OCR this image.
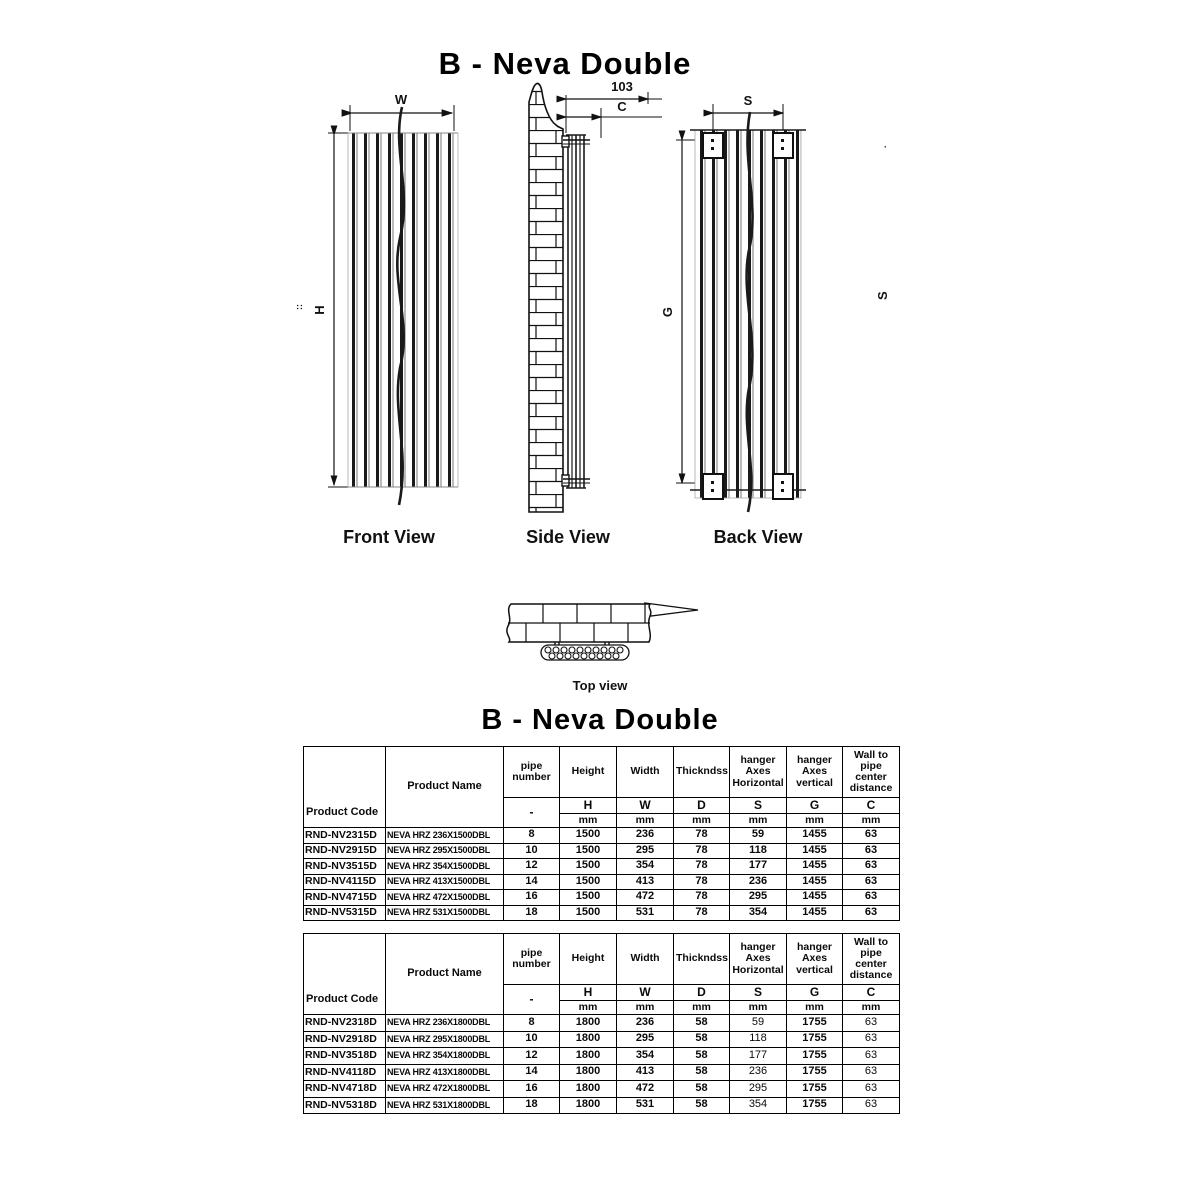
B - Neva Double
W
H
::
Front View
103
C
Side View
S
G
Back View
·
S
Top view
B - Neva Double
Product Code	Product Name	pipe number	Height	Width	Thickndss	hanger Axes Horizontal	hanger Axes vertical	Wall to pipe center distance
		-	H	W	D	S	G	C
			mm	mm	mm	mm	mm	mm
RND-NV2315D	NEVA HRZ 236X1500DBL	8	1500	236	78	59	1455	63
RND-NV2915D	NEVA HRZ 295X1500DBL	10	1500	295	78	118	1455	63
RND-NV3515D	NEVA HRZ 354X1500DBL	12	1500	354	78	177	1455	63
RND-NV4115D	NEVA HRZ 413X1500DBL	14	1500	413	78	236	1455	63
RND-NV4715D	NEVA HRZ 472X1500DBL	16	1500	472	78	295	1455	63
RND-NV5315D	NEVA HRZ 531X1500DBL	18	1500	531	78	354	1455	63
Product Code	Product Name	pipe number	Height	Width	Thickndss	hanger Axes Horizontal	hanger Axes vertical	Wall to pipe center distance
		-	H	W	D	S	G	C
			mm	mm	mm	mm	mm	mm
RND-NV2318D	NEVA HRZ 236X1800DBL	8	1800	236	58	59	1755	63
RND-NV2918D	NEVA HRZ 295X1800DBL	10	1800	295	58	118	1755	63
RND-NV3518D	NEVA HRZ 354X1800DBL	12	1800	354	58	177	1755	63
RND-NV4118D	NEVA HRZ 413X1800DBL	14	1800	413	58	236	1755	63
RND-NV4718D	NEVA HRZ 472X1800DBL	16	1800	472	58	295	1755	63
RND-NV5318D	NEVA HRZ 531X1800DBL	18	1800	531	58	354	1755	63
